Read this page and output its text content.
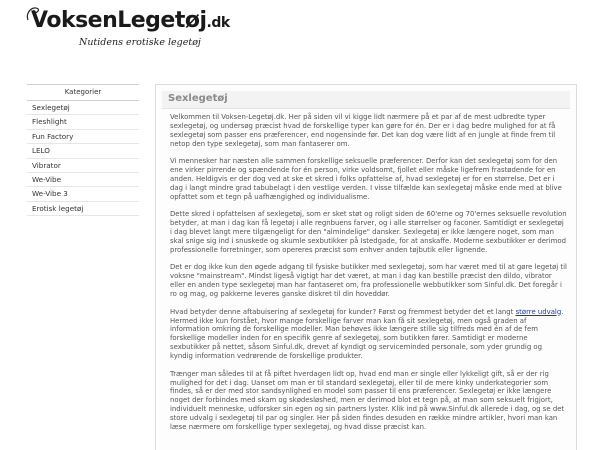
VoksenLegetøj.dk
Nutidens erotiske legetøj
Kategorier
Sexlegetøj
Fleshlight
Fun Factory
LELO
Vibrator
We-Vibe
We-Vibe 3
Erotisk legetøj
Sexlegetøj

Velkommen til Voksen-Legetøj.dk. Her på siden vil vi kigge lidt nærmere på et par af de mest udbredte typer sexlegetøj, og undersøg præcist hvad de forskellige typer kan gøre for én. Der er i dag bedre mulighed for at få sexlegetøj som passer ens præferencer, end nogensinde før. Det kan dog være lidt af en jungle at finde frem til netop den type sexlegetøj, som man fantaserer om.

Vi mennesker har næsten alle sammen forskellige seksuelle præferencer. Derfor kan det sexlegetøj som for den ene virker pirrende og spændende for én person, virke voldsomt, fjollet eller måske ligefrem frastødende for en anden. Heldigvis er der dog ved at ske et skred i folks opfattelse af, hvad sexlegetøj er for en størrelse. Det er i dag i langt mindre grad tabubelagt i den vestlige verden. I visse tilfælde kan sexlegetøj måske ende med at blive opfattet som et tegn på uafhængighed og individualisme.

Dette skred i opfattelsen af sexlegetøj, som er sket støt og roligt siden de 60'erne og 70'ernes seksuelle revolution betyder, at man i dag kan få legetøj i alle regnbuens farver, og i alle størrelser og faconer. Samtidigt er sexlegetøj i dag blevet langt mere tilgængeligt for den "almindelige" dansker. Sexlegetøj er ikke længere noget, som man skal snige sig ind i snuskede og skumle sexbutikker på Istedgade, for at anskaffe. Moderne sexbutikker er derimod professionelle forretninger, som opereres præcist som enhver anden tøjbutik eller lignende.

Det er dog ikke kun den øgede adgang til fysiske butikker med sexlegetøj, som har været med til at gøre legetøj til voksne "mainstream". Mindst ligeså vigtigt har det været, at man i dag kan bestille præcist den dildo, vibrator eller en anden type sexlegetøj man har fantaseret om, fra professionelle webbutikker som Sinful.dk. Det foregår i ro og mag, og pakkerne leveres ganske diskret til din hoveddør.

Hvad betyder denne aftabuisering af sexlegetøj for kunder? Først og fremmest betyder det et langt større udvalg. Hermed ikke kun forstået, hvor mange forskellige farver man kan få sit sexlegetøj, men også graden af information omkring de forskellige modeller. Man behøves ikke længere stille sig tilfreds med én af de fem forskellige modeller inden for en specifik genre af sexlegetøj, som butikken fører. Samtidigt er moderne sexbutikker på nettet, såsom Sinful.dk, drevet af kyndigt og serviceminded personale, som yder grundig og kyndig information vedrørende de forskellige produkter.

Trænger man således til at få piftet hverdagen lidt op, hvad end man er single eller lykkeligt gift, så er der rig mulighed for det i dag. Uanset om man er til standard sexlegetøj, eller til de mere kinky underkategorier som findes, så er der med stor sandsynlighed en model som passer til ens præferencer. Sexlegetøj er ikke længere noget der forbindes med skam og skødesløshed, men er derimod blot et tegn på, at man som seksuelt frigjort, individuelt menneske, udforsker sin egen og sin partners lyster. Klik ind på www.Sinful.dk allerede i dag, og se det store udvalg i sexlegetøj til par og singler. Her på siden findes desuden en række mindre artikler, hvori man kan læse nærmere om forskellige typer sexlegetøj, og hvad disse præcist kan.
